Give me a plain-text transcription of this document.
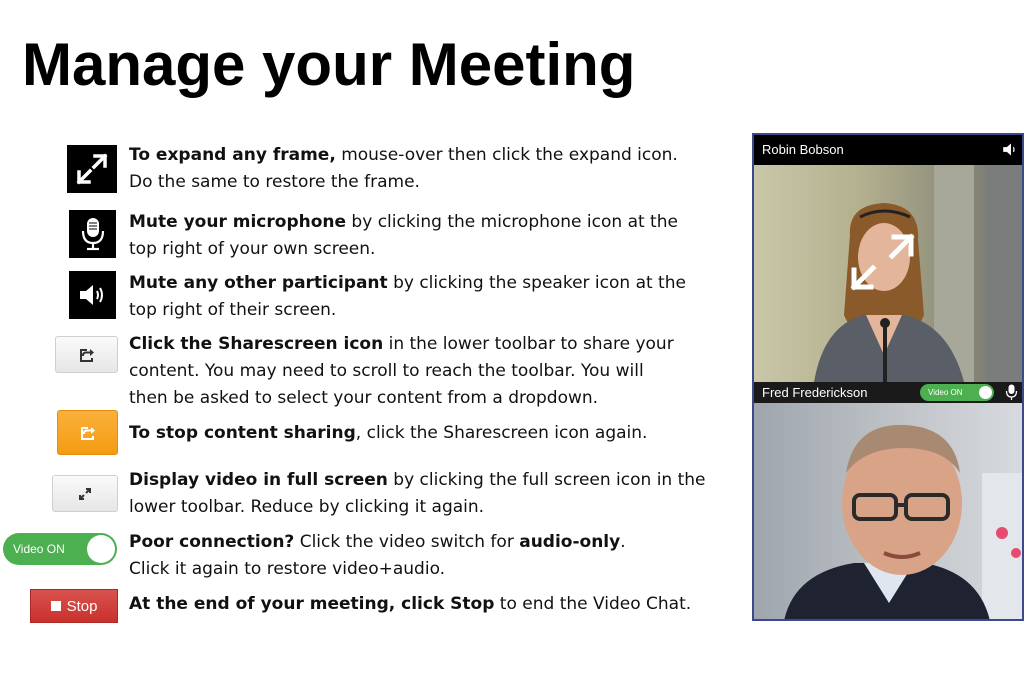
Manage your Meeting
To expand any frame, mouse-over then click the expand icon.
Do the same to restore the frame.
Mute your microphone by clicking the microphone icon at the
top right of your own screen.
Mute any other participant by clicking the speaker icon at the
top right of their screen.
Click the Sharescreen icon in the lower toolbar to share your
content. You may need to scroll to reach the toolbar. You will
then be asked to select your content from a dropdown.
To stop content sharing, click the Sharescreen icon again.
Display video in full screen by clicking the full screen icon in the
lower toolbar. Reduce by clicking it again.
Video ON	Poor connection? Click the video switch for audio-only.
Click it again to restore video+audio.
Stop At the end of your meeting, click Stop to end the Video Chat.
Robin Bobson
Fred Frederickson	Video ON
